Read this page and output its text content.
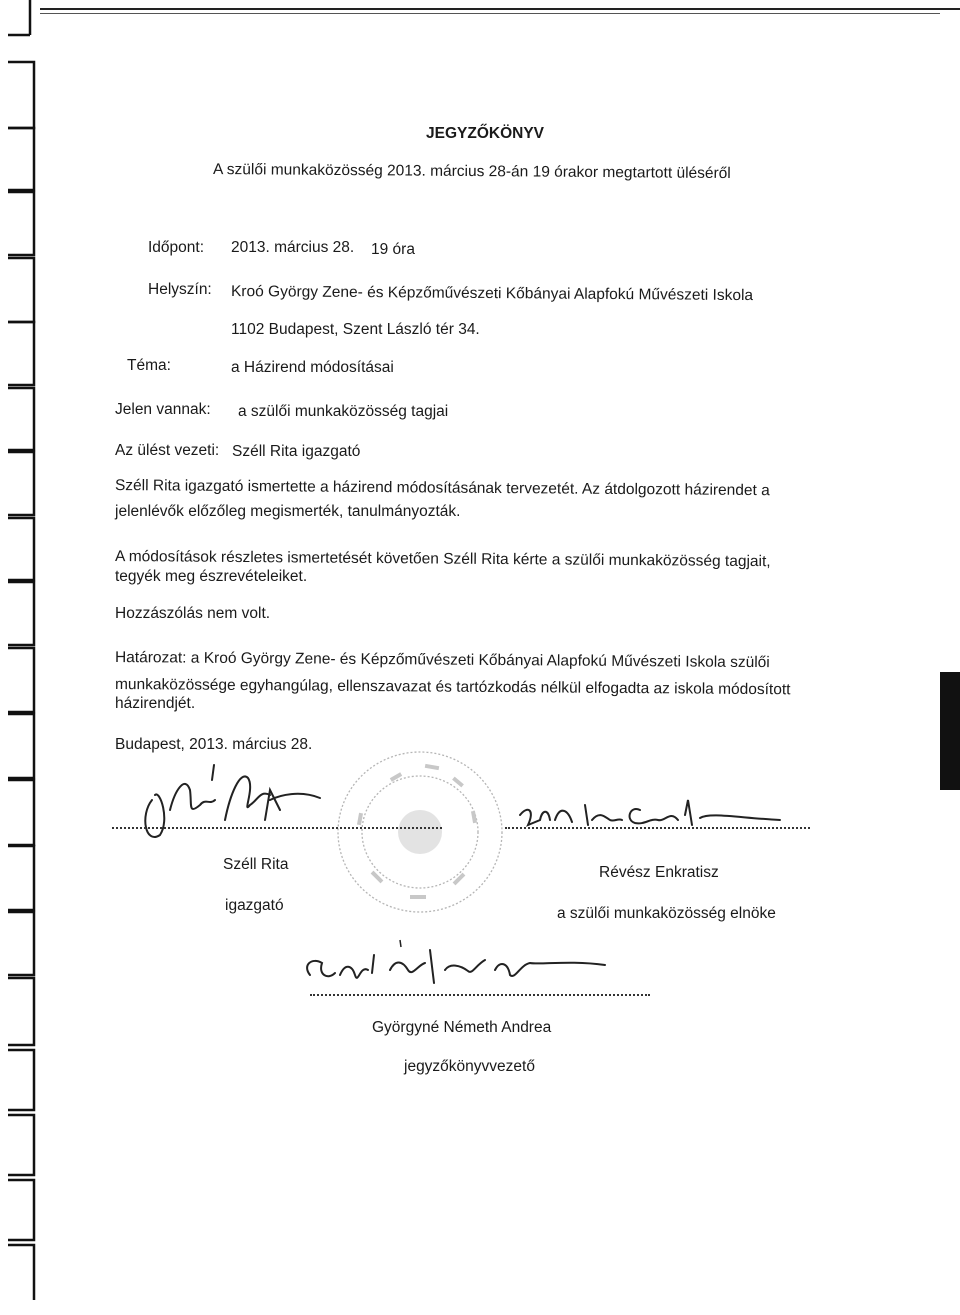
JEGYZŐKÖNYV
A szülői munkaközösség 2013. március 28-án 19 órakor megtartott üléséről
Időpont: 2013. március 28. 19 óra
Helyszín: Kroó György Zene- és Képzőművészeti Kőbányai Alapfokú Művészeti Iskola
1102 Budapest, Szent László tér 34.
Téma:	a Házirend módosításai
Jelen vannak: a szülői munkaközösség tagjai
Az ülést vezeti: Széll Rita igazgató
Széll Rita igazgató ismertette a házirend módosításának tervezetét. Az átdolgozott házirendet a
jelenlévők előzőleg megismerték, tanulmányozták.
A módosítások részletes ismertetését követően Széll Rita kérte a szülői munkaközösség tagjait,
tegyék meg észrevételeiket.
Hozzászólás nem volt.
Határozat: a Kroó György Zene- és Képzőművészeti Kőbányai Alapfokú Művészeti Iskola szülői
munkaközössége egyhangúlag, ellenszavazat és tartózkodás nélkül elfogadta az iskola módosított
házirendjét.
Budapest, 2013. március 28.
Széll Rita	Révész Enkratisz
igazgató	a szülői munkaközösség elnöke
Györgyné Németh Andrea
jegyzőkönyvvezető
